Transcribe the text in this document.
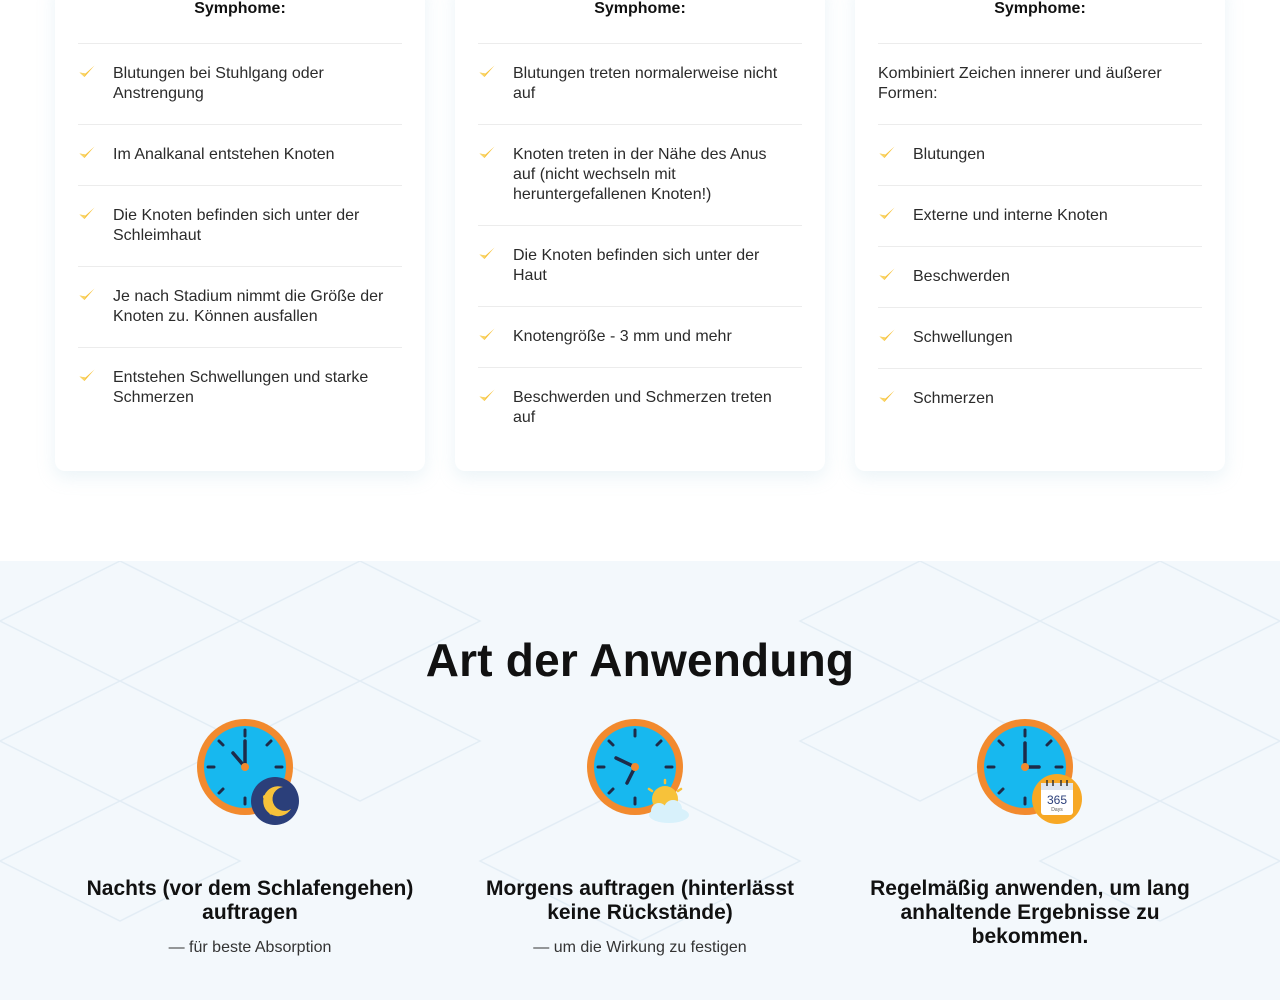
Symphome:
Blutungen bei Stuhlgang oder Anstrengung
Im Analkanal entstehen Knoten
Die Knoten befinden sich unter der Schleimhaut
Je nach Stadium nimmt die Größe der Knoten zu. Können ausfallen
Entstehen Schwellungen und starke Schmerzen
Symphome:
Blutungen treten normalerweise nicht auf
Knoten treten in der Nähe des Anus auf (nicht wechseln mit heruntergefallenen Knoten!)
Die Knoten befinden sich unter der Haut
Knotengröße - 3 mm und mehr
Beschwerden und Schmerzen treten auf
Symphome:
Kombiniert Zeichen innerer und äußerer Formen:
Blutungen
Externe und interne Knoten
Beschwerden
Schwellungen
Schmerzen
Art der Anwendung
Nachts (vor dem Schlafengehen) auftragen
— für beste Absorption
Morgens auftragen (hinterlässt keine Rückstände)
— um die Wirkung zu festigen
365
Days
Regelmäßig anwenden, um lang anhaltende Ergebnisse zu bekommen.
